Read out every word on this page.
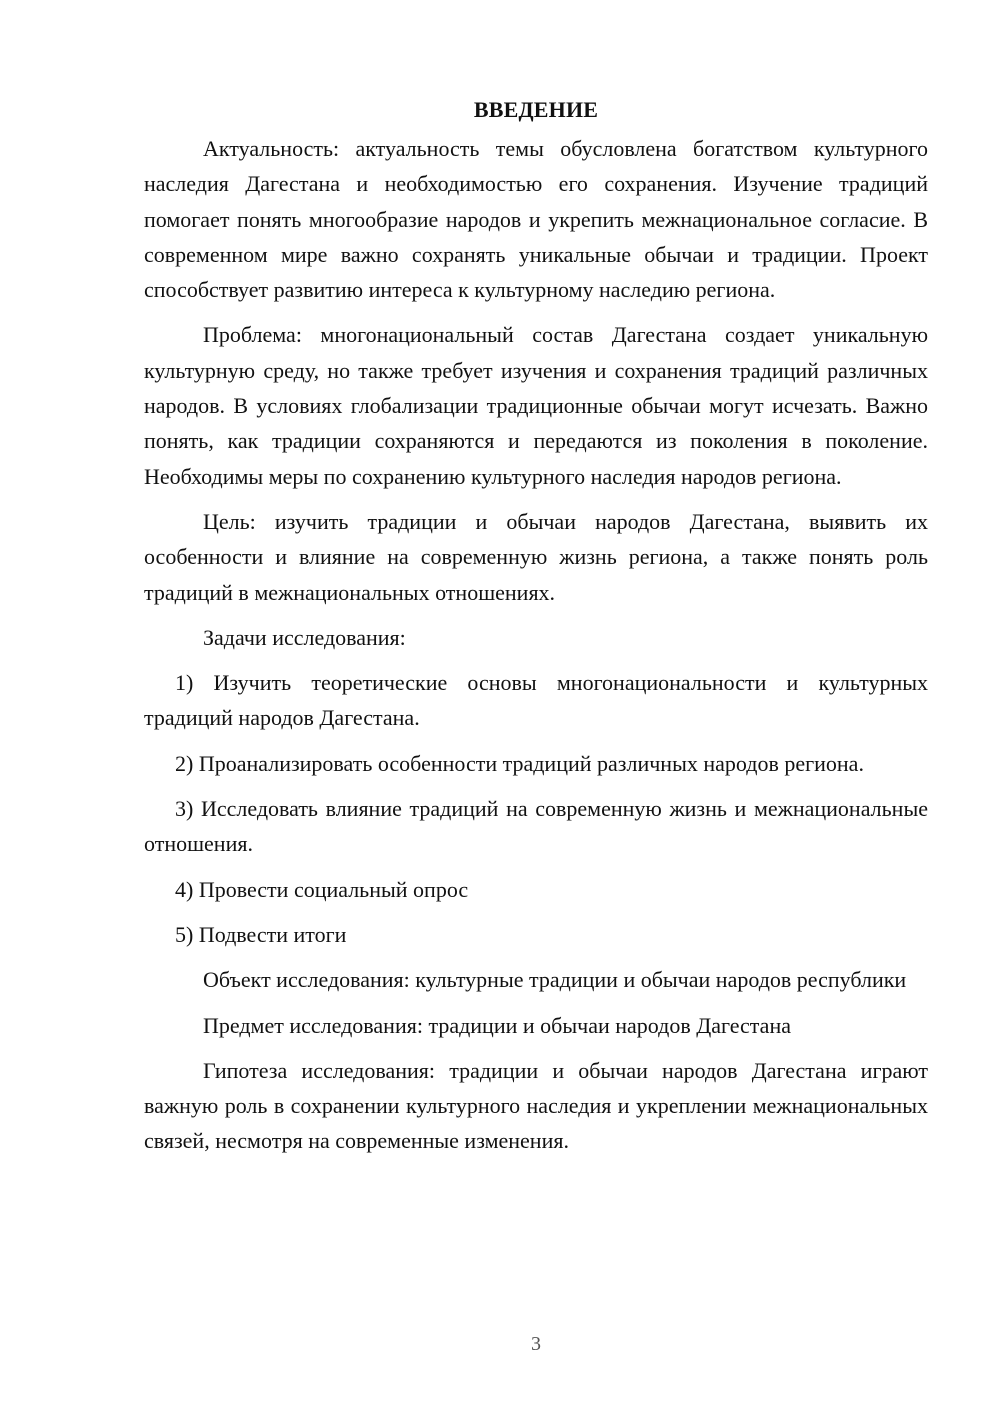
ВВЕДЕНИЕ

Актуальность: актуальность темы обусловлена богатством культурного наследия Дагестана и необходимостью его сохранения. Изучение традиций помогает понять многообразие народов и укрепить межнациональное согласие. В современном мире важно сохранять уникальные обычаи и традиции. Проект способствует развитию интереса к культурному наследию региона.

Проблема: многонациональный состав Дагестана создает уникальную культурную среду, но также требует изучения и сохранения традиций различных народов. В условиях глобализации традиционные обычаи могут исчезать. Важно понять, как традиции сохраняются и передаются из поколения в поколение. Необходимы меры по сохранению культурного наследия народов региона.

Цель: изучить традиции и обычаи народов Дагестана, выявить их особенности и влияние на современную жизнь региона, а также понять роль традиций в межнациональных отношениях.

Задачи исследования:

1) Изучить теоретические основы многонациональности и культурных традиций народов Дагестана.

2) Проанализировать особенности традиций различных народов региона.

3) Исследовать влияние традиций на современную жизнь и межнациональные отношения.

4) Провести социальный опрос

5) Подвести итоги

Объект исследования: культурные традиции и обычаи народов республики

Предмет исследования: традиции и обычаи народов Дагестана

Гипотеза исследования: традиции и обычаи народов Дагестана играют важную роль в сохранении культурного наследия и укреплении межнациональных связей, несмотря на современные изменения.

3
